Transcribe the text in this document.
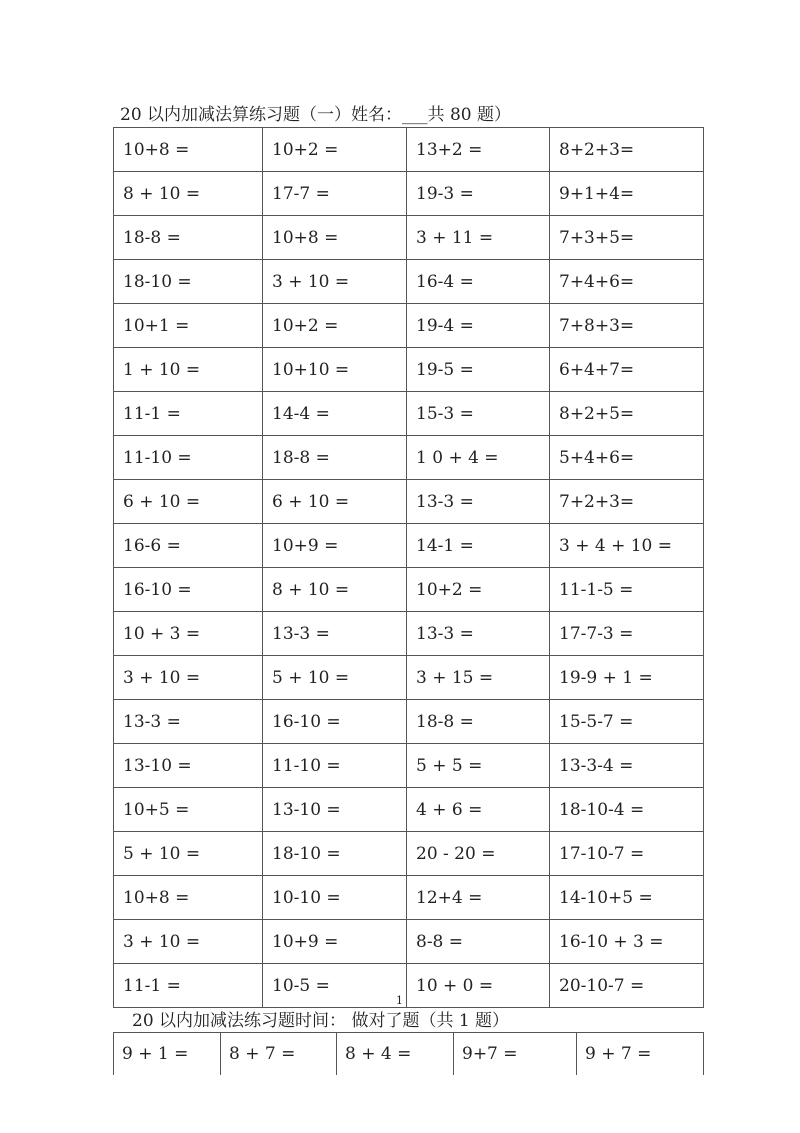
20 以内加减法算练习题（一）姓名：___共 80 题）
10+8 =	10+2 =	13+2 =	8+2+3=
8 + 10 =	17-7 =	19-3 =	9+1+4=
18-8 =	10+8 =	3 + 11 =	7+3+5=
18-10 =	3 + 10 =	16-4 =	7+4+6=
10+1 =	10+2 =	19-4 =	7+8+3=
1 + 10 =	10+10 =	19-5 =	6+4+7=
11-1 =	14-4 =	15-3 =	8+2+5=
11-10 =	18-8 =	1 0 + 4 =	5+4+6=
6 + 10 =	6 + 10 =	13-3 =	7+2+3=
16-6 =	10+9 =	14-1 =	3 + 4 + 10 =
16-10 =	8 + 10 =	10+2 =	11-1-5 =
10 + 3 =	13-3 =	13-3 =	17-7-3 =
3 + 10 =	5 + 10 =	3 + 15 =	19-9 + 1 =
13-3 =	16-10 =	18-8 =	15-5-7 =
13-10 =	11-10 =	5 + 5 =	13-3-4 =
10+5 =	13-10 =	4 + 6 =	18-10-4 =
5 + 10 =	18-10 =	20 - 20 =	17-10-7 =
10+8 =	10-10 =	12+4 =	14-10+5 =
3 + 10 =	10+9 =	8-8 =	16-10 + 3 =
11-1 =	10-5 =	10 + 0 =	20-10-7 =
1
20 以内加减法练习题时间： 做对了题（共 1 题）
9 + 1 =	8 + 7 =	8 + 4 =	9+7 =	9 + 7 =
